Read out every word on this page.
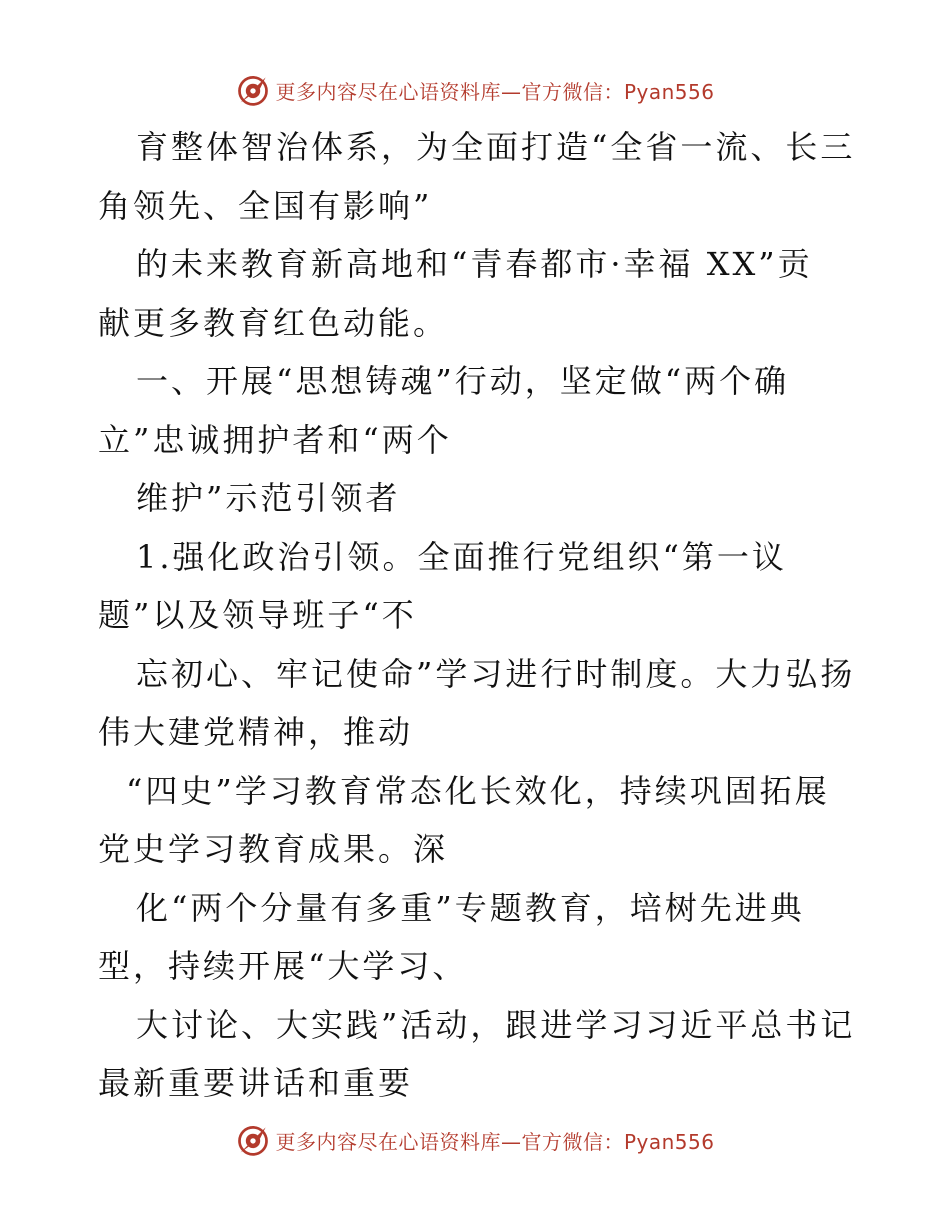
更多内容尽在心语资料库—官方微信：Pyan556
育整体智治体系，为全面打造“全省一流、长三
角领先、全国有影响”
的未来教育新高地和“青春都市·幸福 XX”贡
献更多教育红色动能。
一、开展“思想铸魂”行动，坚定做“两个确
立”忠诚拥护者和“两个
维护”示范引领者
1.强化政治引领。全面推行党组织“第一议
题”以及领导班子“不
忘初心、牢记使命”学习进行时制度。大力弘扬
伟大建党精神，推动
“四史”学习教育常态化长效化，持续巩固拓展
党史学习教育成果。深
化“两个分量有多重”专题教育，培树先进典
型，持续开展“大学习、
大讨论、大实践”活动，跟进学习习近平总书记
最新重要讲话和重要
更多内容尽在心语资料库—官方微信：Pyan556
